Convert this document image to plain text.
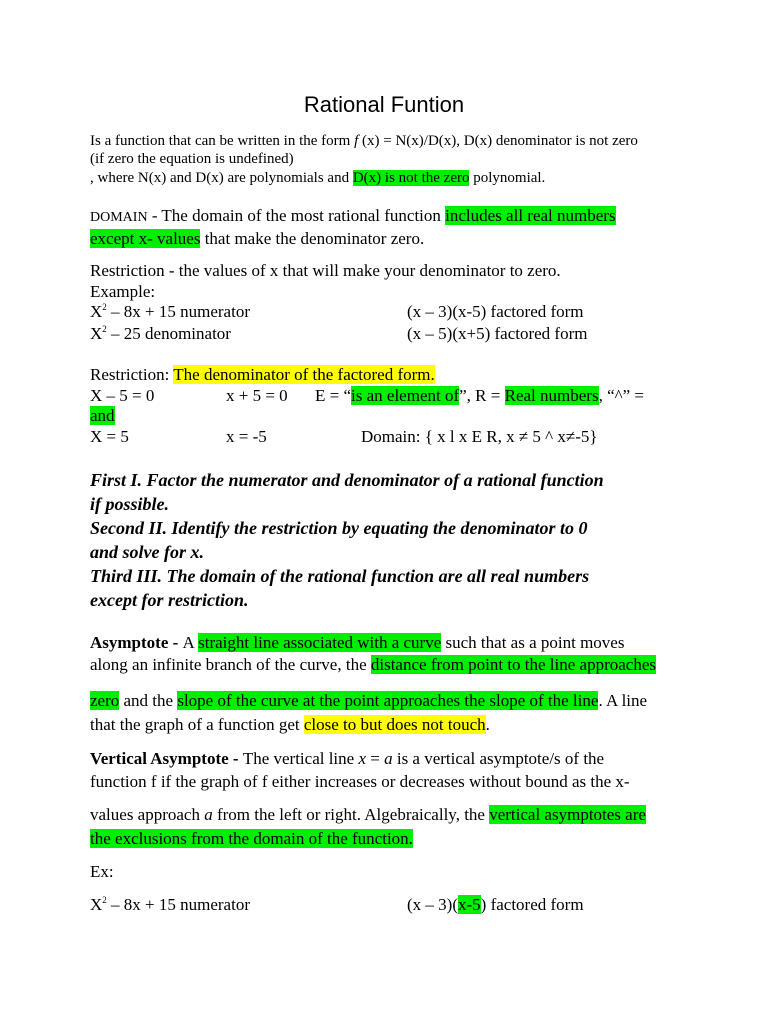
Rational Funtion
Is a function that can be written in the form f (x) = N(x)/D(x), D(x) denominator is not zero
(if zero the equation is undefined)
, where N(x) and D(x) are polynomials and D(x) is not the zero polynomial.
DOMAIN - The domain of the most rational function includes all real numbers
except x- values that make the denominator zero.
Restriction - the values of x that will make your denominator to zero.
Example:
$X^2 - 8x + 15$ numerator	(x – 3)(x-5) factored form
$X^2 - 25$ denominator	(x – 5)(x+5) factored form
Restriction: The denominator of the factored form.
X – 5 = 0	x + 5 = 0 E = “is an element of”, R = Real numbers, “^” =
and
X = 5	x = -5	Domain: { x l x E R, x ≠ 5 ^ x≠-5}
First I. Factor the numerator and denominator of a rational function
if possible.
Second II. Identify the restriction by equating the denominator to 0
and solve for x.
Third III. The domain of the rational function are all real numbers
except for restriction.
Asymptote - A straight line associated with a curve such that as a point moves
along an infinite branch of the curve, the distance from point to the line approaches
zero and the slope of the curve at the point approaches the slope of the line. A line
that the graph of a function get close to but does not touch.
Vertical Asymptote - The vertical line x = a is a vertical asymptote/s of the
function f if the graph of f either increases or decreases without bound as the x-
values approach a from the left or right. Algebraically, the vertical asymptotes are
the exclusions from the domain of the function.
Ex:
$X^2 - 8x + 15$ numerator	(x – 3)(x-5) factored form
